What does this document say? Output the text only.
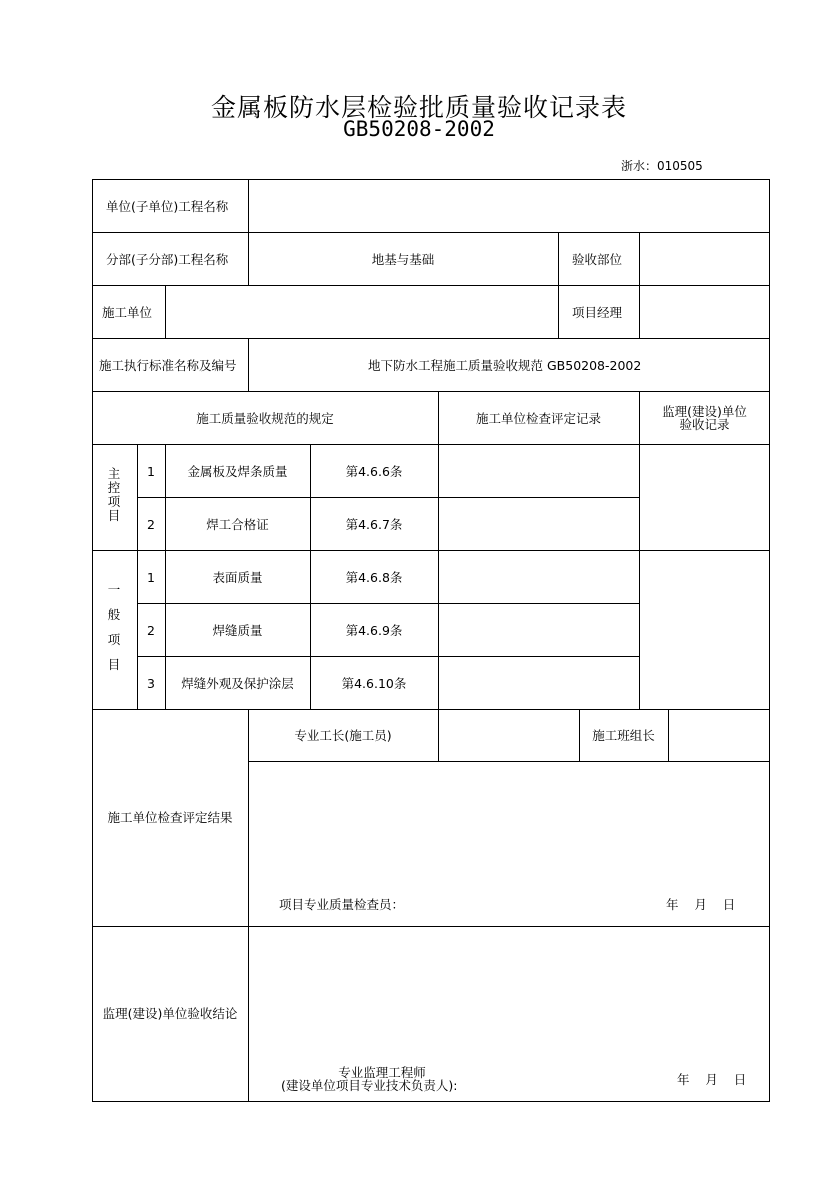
金属板防水层检验批质量验收记录表
GB50208-2002
浙水：010505
单位(子单位)工程名称
分部(子分部)工程名称	地基与基础	验收部位
施工单位	项目经理
施工执行标准名称及编号	地下防水工程施工质量验收规范 GB50208-2002
施工质量验收规范的规定	施工单位检查评定记录	监理(建设)单位
验收记录
主
控
项
目
1	金属板及焊条质量	第4.6.6条
2	焊工合格证	第4.6.7条
一
般
项
目
1	表面质量	第4.6.8条
2	焊缝质量	第4.6.9条
3	焊缝外观及保护涂层	第4.6.10条
施工单位检查评定结果
专业工长(施工员)	施工班组长
项目专业质量检查员：	年    月    日
监理(建设)单位验收结论
专业监理工程师
(建设单位项目专业技术负责人):	年    月    日
